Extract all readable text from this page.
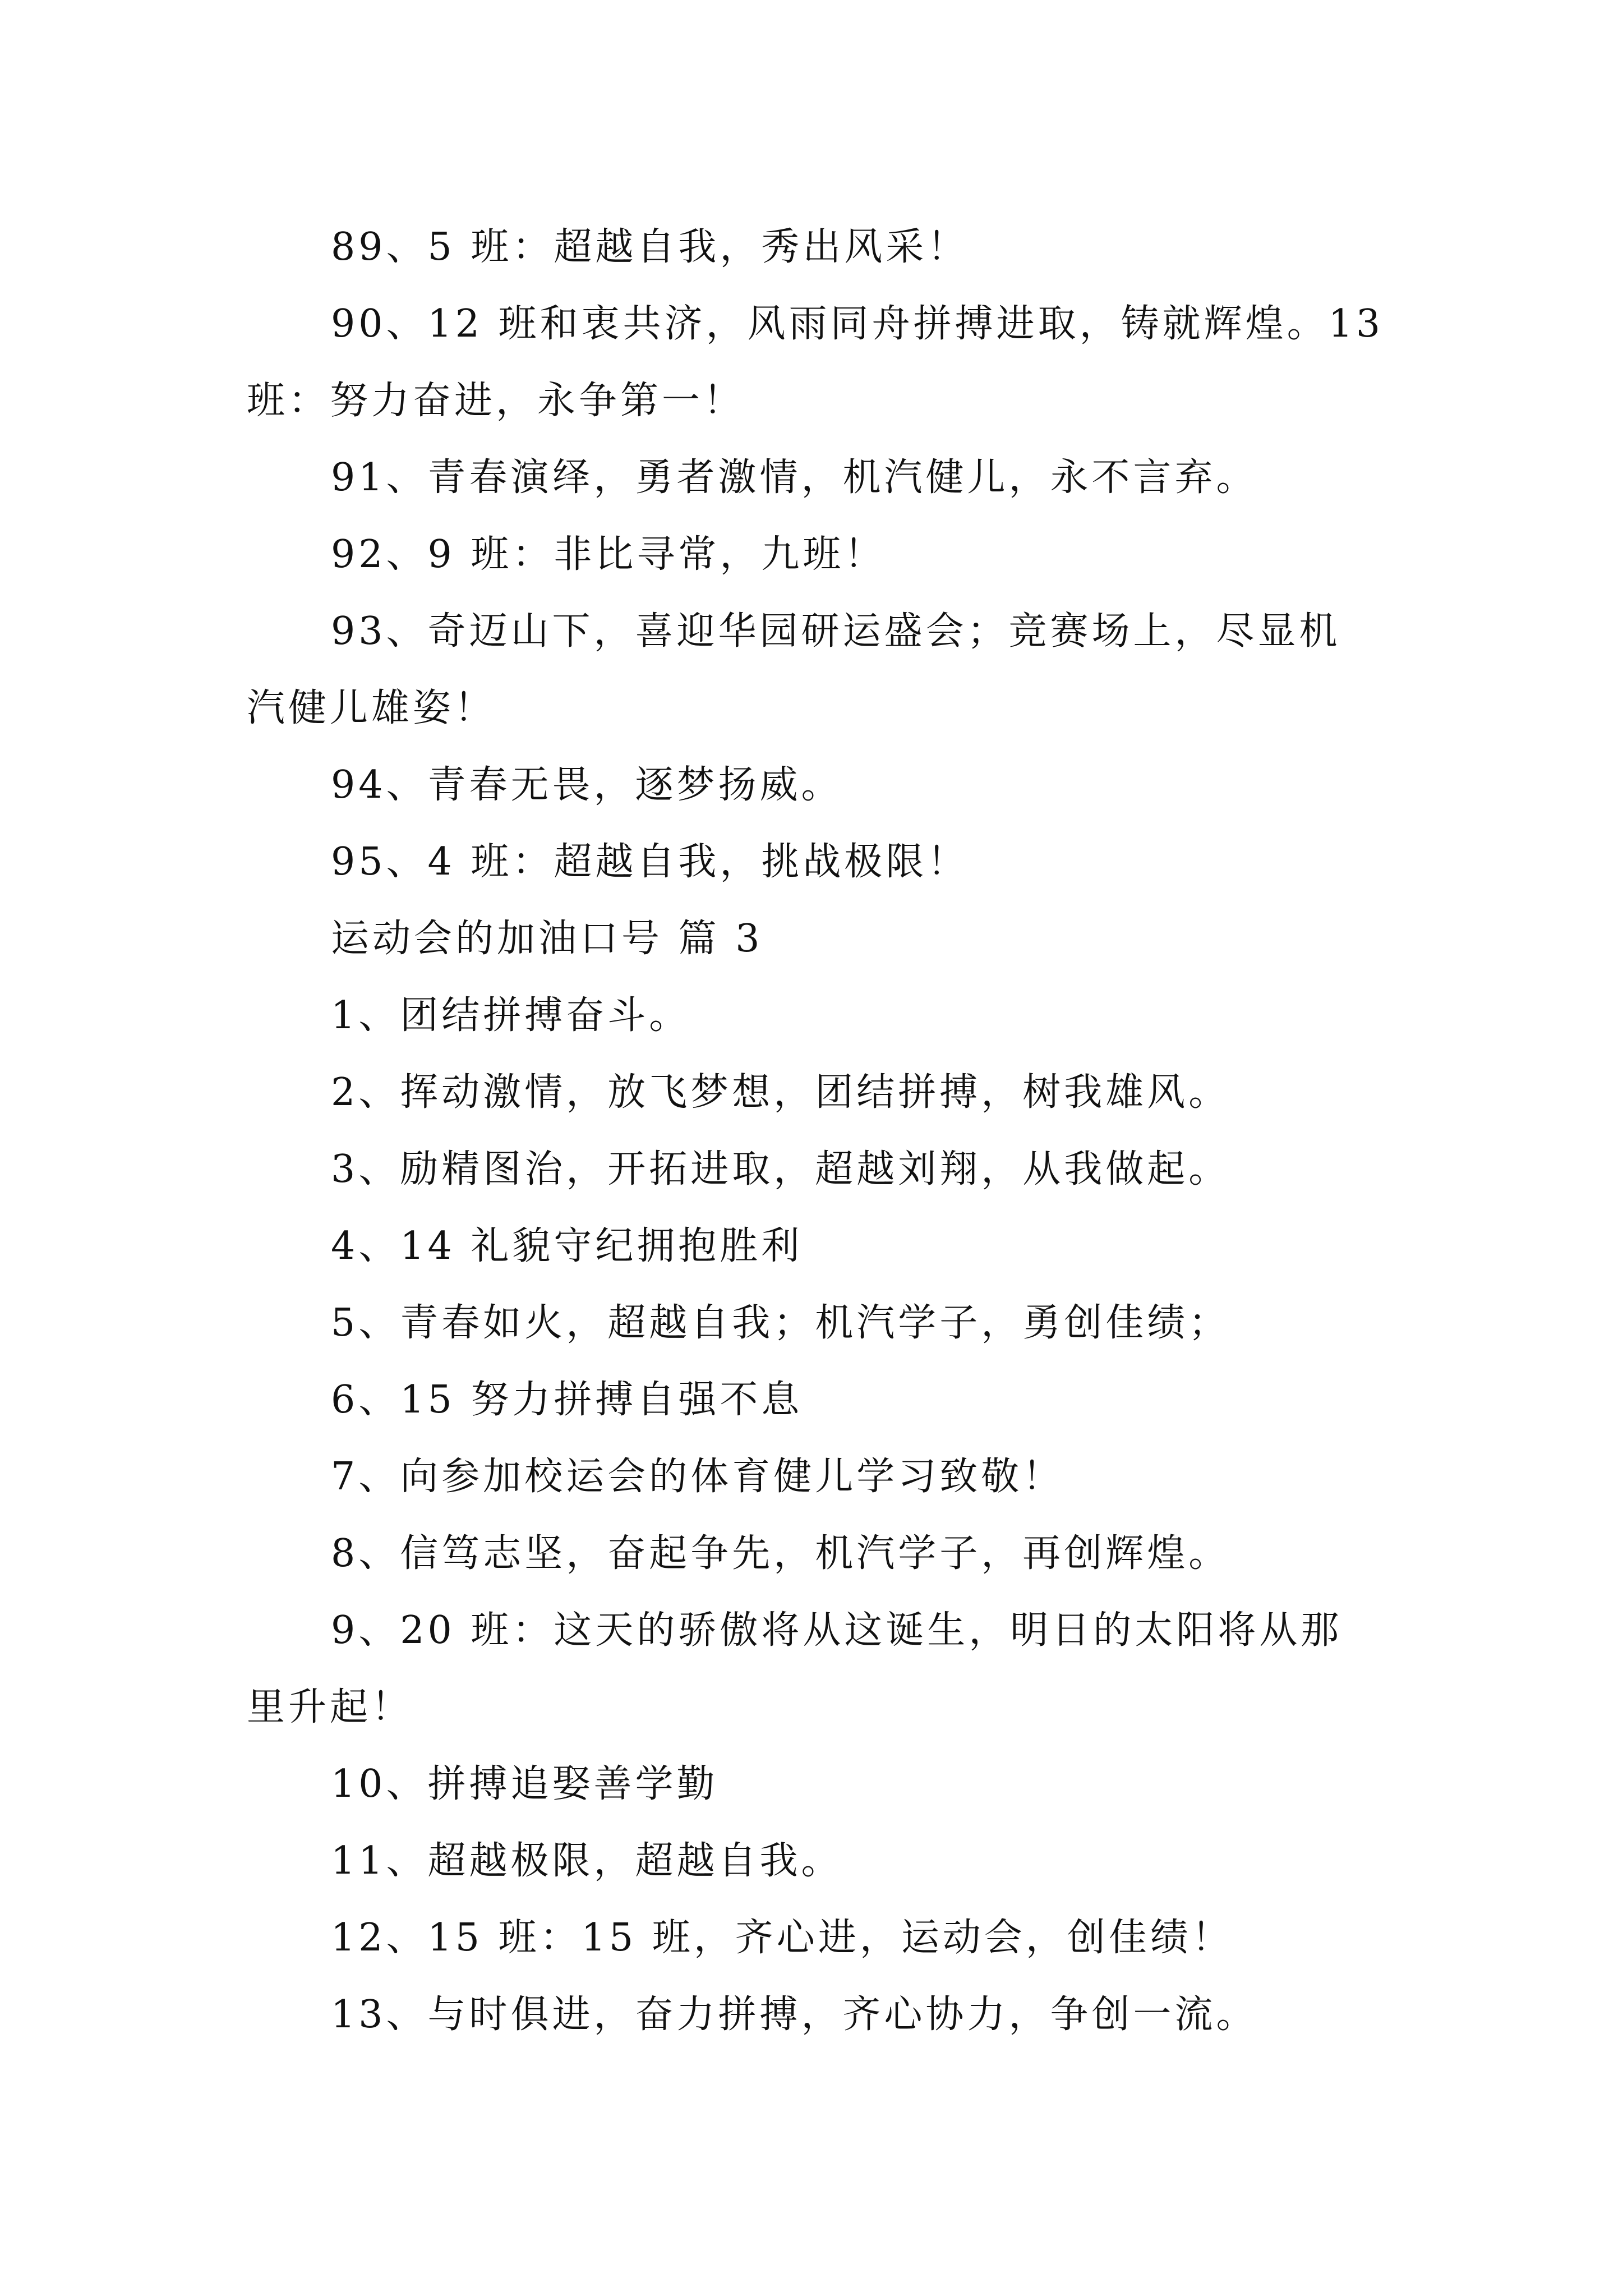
89、5 班：超越自我，秀出风采！
90、12 班和衷共济，风雨同舟拼搏进取，铸就辉煌。13
班：努力奋进，永争第一！
91、青春演绎，勇者激情，机汽健儿，永不言弃。
92、9 班：非比寻常，九班！
93、奇迈山下，喜迎华园研运盛会；竞赛场上，尽显机
汽健儿雄姿！
94、青春无畏，逐梦扬威。
95、4 班：超越自我，挑战极限！
运动会的加油口号 篇 3
1、团结拼搏奋斗。
2、挥动激情，放飞梦想，团结拼搏，树我雄风。
3、励精图治，开拓进取，超越刘翔，从我做起。
4、14 礼貌守纪拥抱胜利
5、青春如火，超越自我；机汽学子，勇创佳绩；
6、15 努力拼搏自强不息
7、向参加校运会的体育健儿学习致敬！
8、信笃志坚，奋起争先，机汽学子，再创辉煌。
9、20 班：这天的骄傲将从这诞生，明日的太阳将从那
里升起！
10、拼搏追娶善学勤
11、超越极限，超越自我。
12、15 班：15 班，齐心进，运动会，创佳绩！
13、与时俱进，奋力拼搏，齐心协力，争创一流。
